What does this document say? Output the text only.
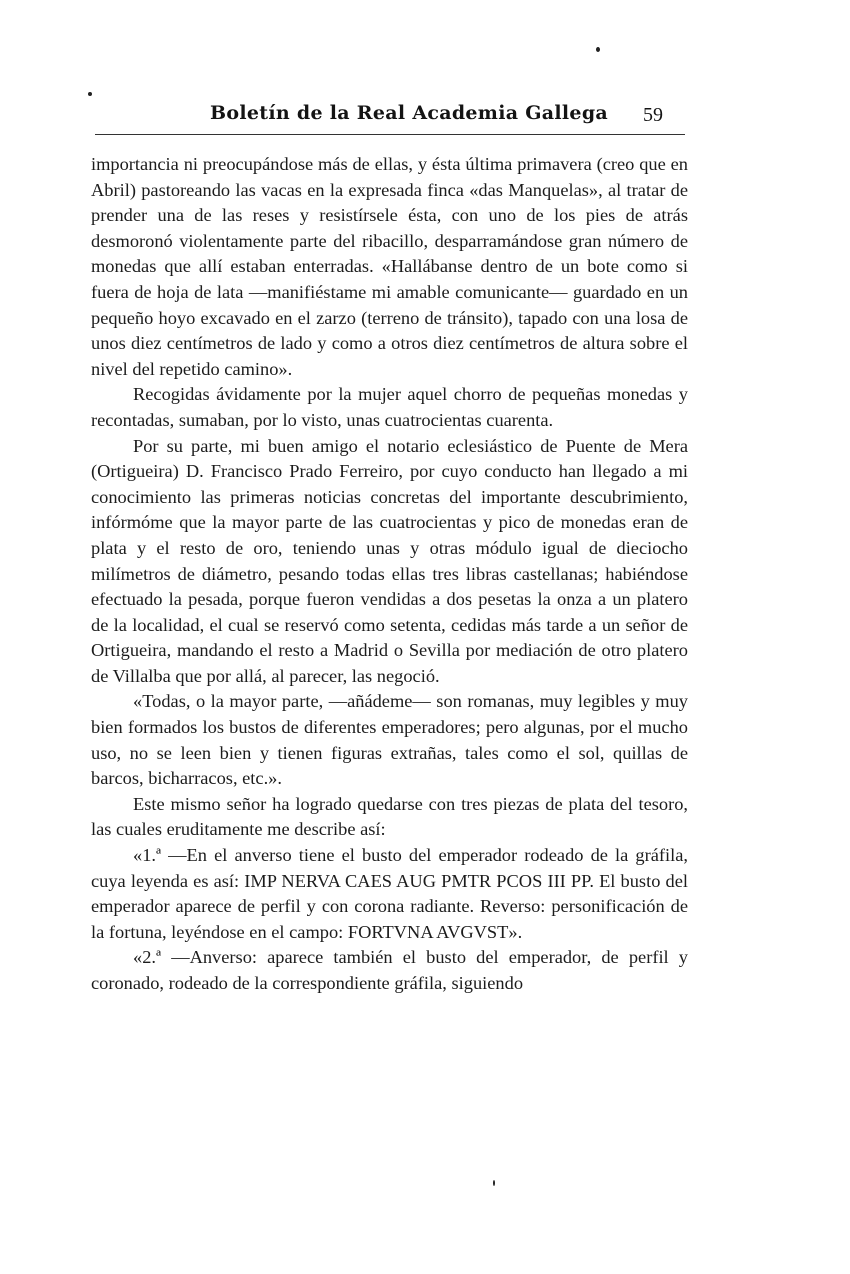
Boletín de la Real Academia Gallega 59

importancia ni preocupándose más de ellas, y ésta última primavera (creo que en Abril) pastoreando las vacas en la expresada finca «das Manquelas», al tratar de prender una de las reses y resistírsele ésta, con uno de los pies de atrás desmoronó violentamente parte del ribacillo, desparramándose gran número de monedas que allí estaban enterradas. «Hallábanse dentro de un bote como si fuera de hoja de lata —manifiéstame mi amable comunicante— guardado en un pequeño hoyo excavado en el zarzo (terreno de tránsito), tapado con una losa de unos diez centímetros de lado y como a otros diez centímetros de altura sobre el nivel del repetido camino».

Recogidas ávidamente por la mujer aquel chorro de pequeñas monedas y recontadas, sumaban, por lo visto, unas cuatrocientas cuarenta.

Por su parte, mi buen amigo el notario eclesiástico de Puente de Mera (Ortigueira) D. Francisco Prado Ferreiro, por cuyo conducto han llegado a mi conocimiento las primeras noticias concretas del importante descubrimiento, infórmóme que la mayor parte de las cuatrocientas y pico de monedas eran de plata y el resto de oro, teniendo unas y otras módulo igual de dieciocho milímetros de diámetro, pesando todas ellas tres libras castellanas; habiéndose efectuado la pesada, porque fueron vendidas a dos pesetas la onza a un platero de la localidad, el cual se reservó como setenta, cedidas más tarde a un señor de Ortigueira, mandando el resto a Madrid o Sevilla por mediación de otro platero de Villalba que por allá, al parecer, las negoció.

«Todas, o la mayor parte, —añádeme— son romanas, muy legibles y muy bien formados los bustos de diferentes emperadores; pero algunas, por el mucho uso, no se leen bien y tienen figuras extrañas, tales como el sol, quillas de barcos, bicharracos, etc.».

Este mismo señor ha logrado quedarse con tres piezas de plata del tesoro, las cuales eruditamente me describe así:

«1.ª —En el anverso tiene el busto del emperador rodeado de la gráfila, cuya leyenda es así: IMP NERVA CAES AUG PMTR PCOS III PP. El busto del emperador aparece de perfil y con corona radiante. Reverso: personificación de la fortuna, leyéndose en el campo: FORTVNA AVGVST».

«2.ª —Anverso: aparece también el busto del emperador, de perfil y coronado, rodeado de la correspondiente gráfila, siguiendo
